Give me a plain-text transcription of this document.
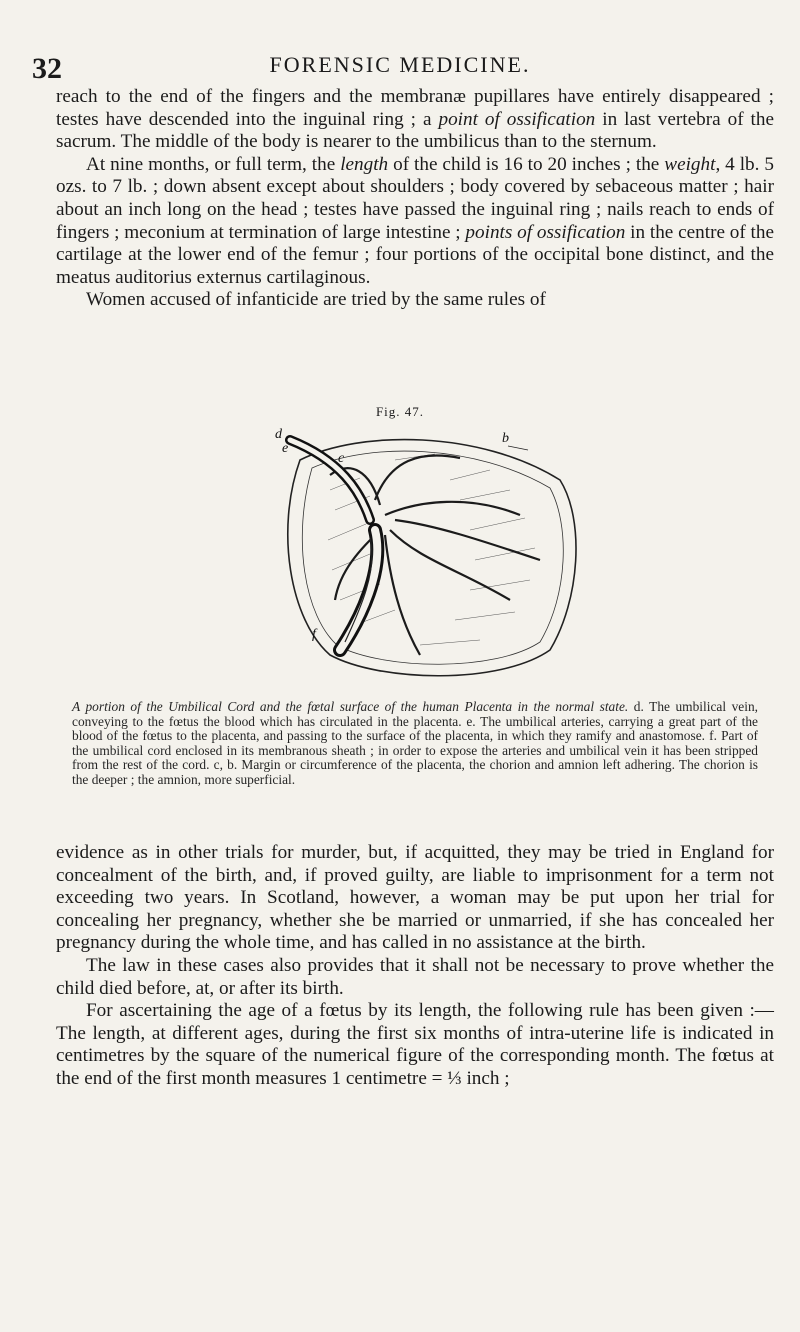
32	FORENSIC MEDICINE.

reach to the end of the fingers and the membranæ pupillares have entirely disappeared ; testes have descended into the inguinal ring ; a point of ossification in last vertebra of the sacrum. The middle of the body is nearer to the umbilicus than to the sternum.

At nine months, or full term, the length of the child is 16 to 20 inches ; the weight, 4 lb. 5 ozs. to 7 lb. ; down absent except about shoulders ; body covered by sebaceous matter ; hair about an inch long on the head ; testes have passed the inguinal ring ; nails reach to ends of fingers ; meconium at termination of large intestine ; points of ossification in the centre of the cartilage at the lower end of the femur ; four portions of the occipital bone distinct, and the meatus auditorius externus cartilaginous.

Women accused of infanticide are tried by the same rules of

Fig. 47.
d
e
c
b
f
A portion of the Umbilical Cord and the fœtal surface of the human Placenta in the normal state. d. The umbilical vein, conveying to the fœtus the blood which has circulated in the placenta. e. The umbilical arteries, carrying a great part of the blood of the fœtus to the placenta, and passing to the surface of the placenta, in which they ramify and anastomose. f. Part of the umbilical cord enclosed in its membranous sheath ; in order to expose the arteries and umbilical vein it has been stripped from the rest of the cord. c, b. Margin or circumference of the placenta, the chorion and amnion left adhering. The chorion is the deeper ; the amnion, more superficial.

evidence as in other trials for murder, but, if acquitted, they may be tried in England for concealment of the birth, and, if proved guilty, are liable to imprisonment for a term not exceeding two years. In Scotland, however, a woman may be put upon her trial for concealing her pregnancy, whether she be married or unmarried, if she has concealed her pregnancy during the whole time, and has called in no assistance at the birth.

The law in these cases also provides that it shall not be necessary to prove whether the child died before, at, or after its birth.

For ascertaining the age of a fœtus by its length, the following rule has been given :—The length, at different ages, during the first six months of intra-uterine life is indicated in centimetres by the square of the numerical figure of the corresponding month. The fœtus at the end of the first month measures 1 centimetre = ⅓ inch ;
